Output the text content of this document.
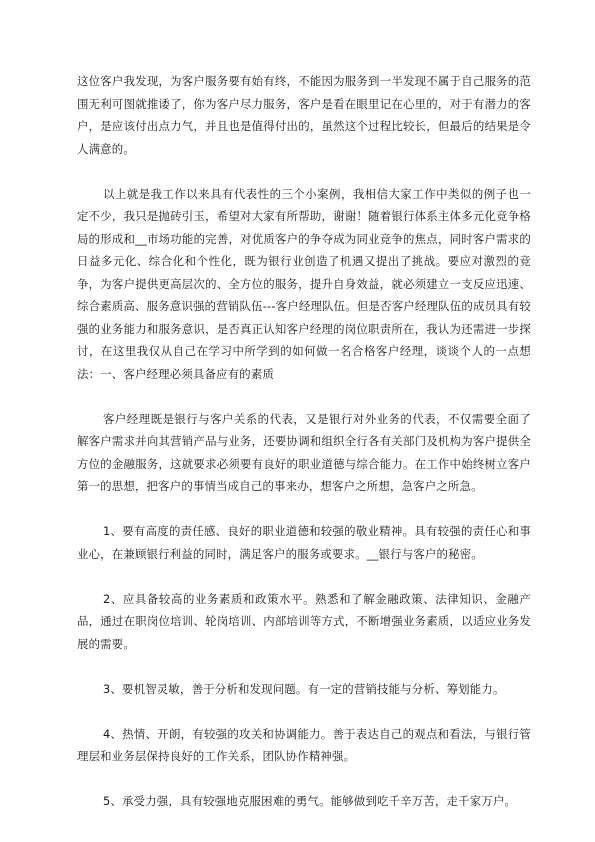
这位客户我发现，为客户服务要有始有终，不能因为服务到一半发现不属于自己服务的范围无利可图就推诿了，你为客户尽力服务，客户是看在眼里记在心里的，对于有潜力的客户，是应该付出点力气，并且也是值得付出的，虽然这个过程比较长，但最后的结果是令人满意的。

以上就是我工作以来具有代表性的三个小案例，我相信大家工作中类似的例子也一定不少，我只是抛砖引玉，希望对大家有所帮助，谢谢！随着银行体系主体多元化竞争格局的形成和__市场功能的完善，对优质客户的争夺成为同业竞争的焦点，同时客户需求的日益多元化、综合化和个性化，既为银行业创造了机遇又提出了挑战。要应对激烈的竞争，为客户提供更高层次的、全方位的服务，提升自身效益，就必须建立一支反应迅速、综合素质高、服务意识强的营销队伍---客户经理队伍。但是否客户经理队伍的成员具有较强的业务能力和服务意识，是否真正认知客户经理的岗位职责所在，我认为还需进一步探讨，在这里我仅从自己在学习中所学到的如何做一名合格客户经理，谈谈个人的一点想法：一、客户经理必须具备应有的素质

客户经理既是银行与客户关系的代表，又是银行对外业务的代表，不仅需要全面了解客户需求并向其营销产品与业务，还要协调和组织全行各有关部门及机构为客户提供全方位的金融服务，这就要求必须要有良好的职业道德与综合能力。在工作中始终树立客户第一的思想，把客户的事情当成自己的事来办，想客户之所想，急客户之所急。

1、要有高度的责任感、良好的职业道德和较强的敬业精神。具有较强的责任心和事业心，在兼顾银行利益的同时，满足客户的服务或要求。__银行与客户的秘密。

2、应具备较高的业务素质和政策水平。熟悉和了解金融政策、法律知识、金融产品，通过在职岗位培训、轮岗培训、内部培训等方式，不断增强业务素质，以适应业务发展的需要。

3、要机智灵敏，善于分析和发现问题。有一定的营销技能与分析、筹划能力。

4、热情、开朗，有较强的攻关和协调能力。善于表达自己的观点和看法，与银行管理层和业务层保持良好的工作关系，团队协作精神强。

5、承受力强，具有较强地克服困难的勇气。能够做到吃千辛万苦，走千家万户。
